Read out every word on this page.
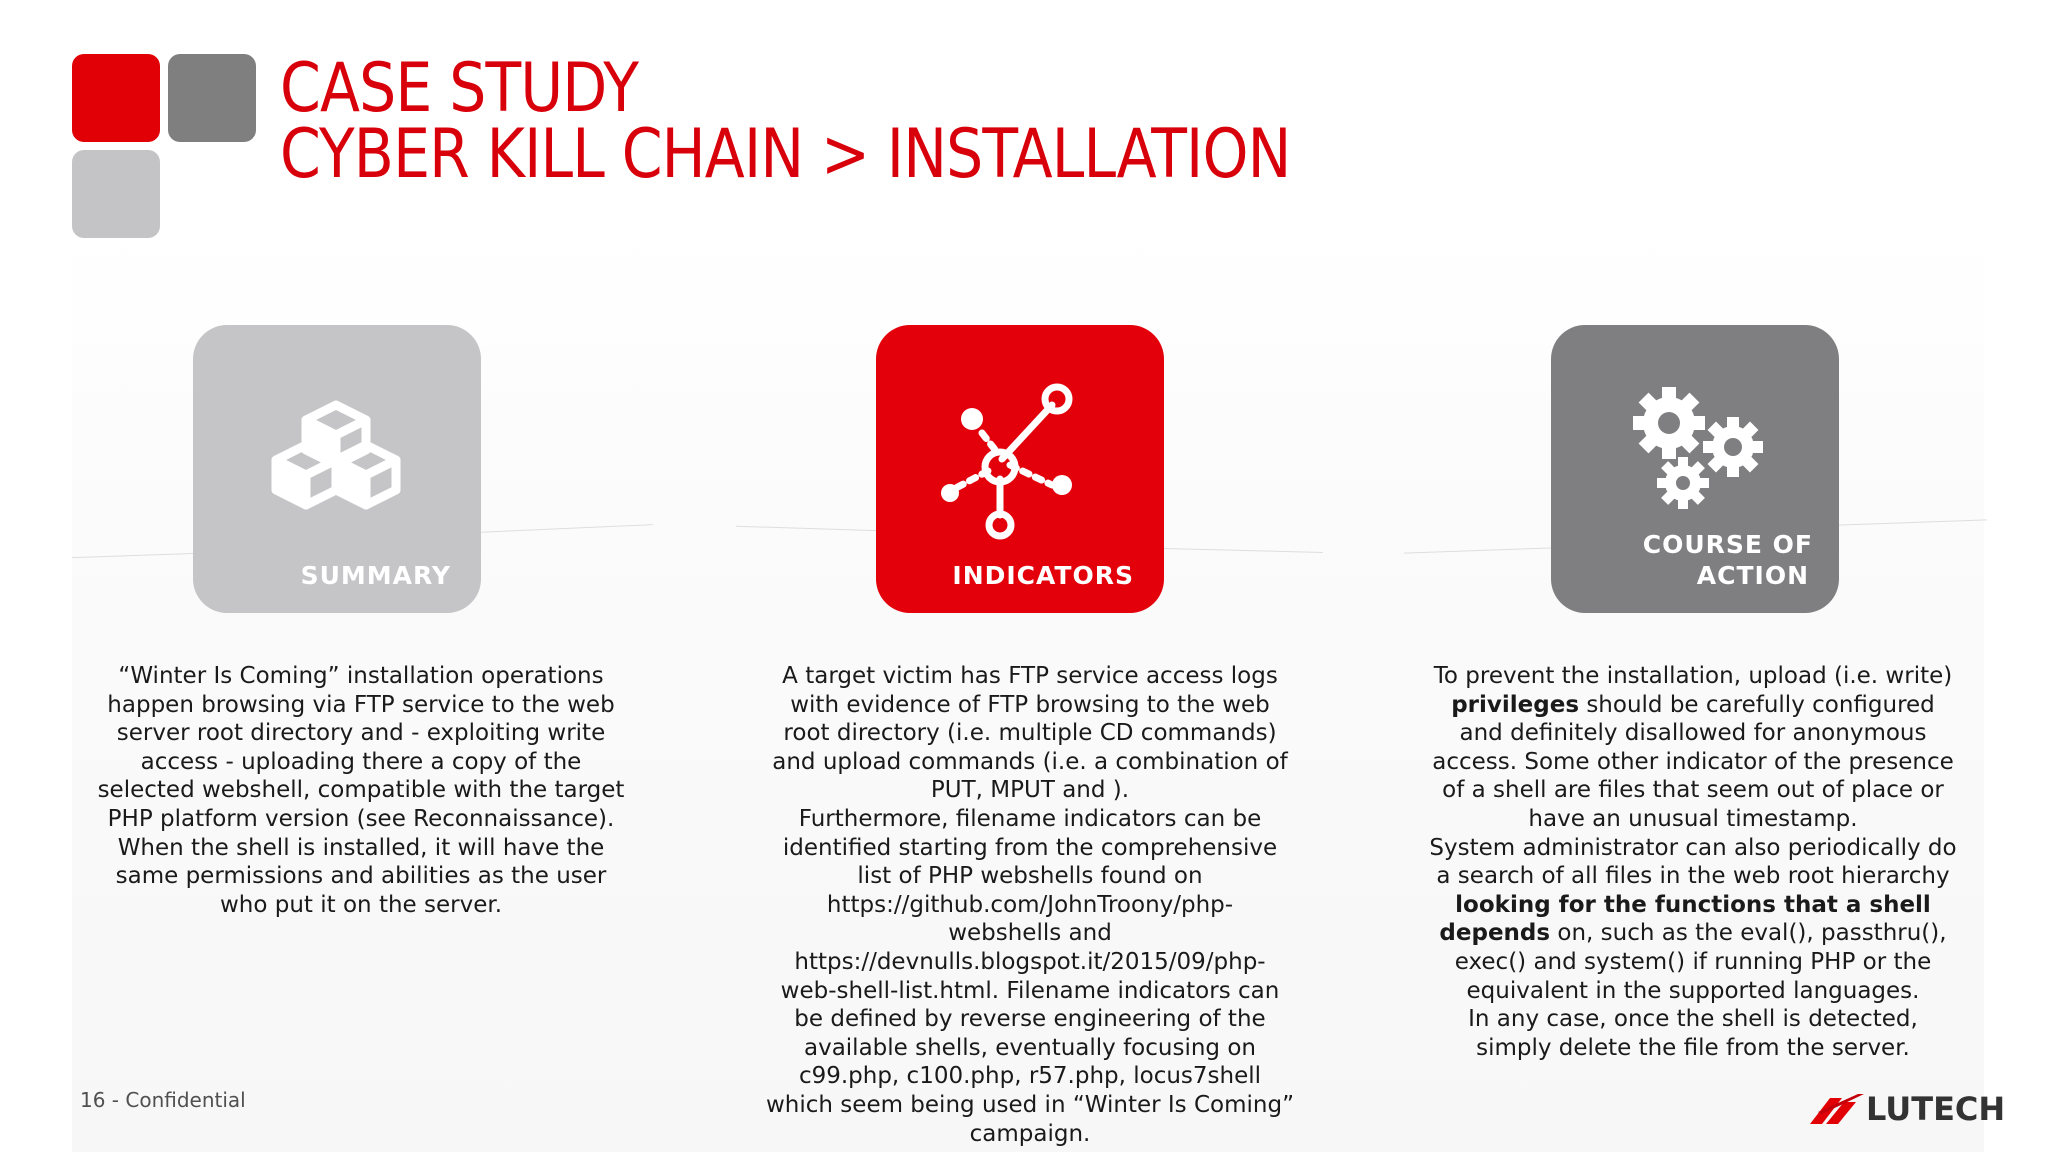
CASE STUDY
CYBER KILL CHAIN > INSTALLATION
SUMMARY	INDICATORS
COURSE OF
ACTION

“Winter Is Coming” installation operations

happen browsing via FTP service to the web

server root directory and - exploiting write

access - uploading there a copy of the

selected webshell, compatible with the target

PHP platform version (see Reconnaissance).

When the shell is installed, it will have the

same permissions and abilities as the user

who put it on the server.

A target victim has FTP service access logs

with evidence of FTP browsing to the web

root directory (i.e. multiple CD commands)

and upload commands (i.e. a combination of

PUT, MPUT and ).

Furthermore, filename indicators can be

identified starting from the comprehensive

list of PHP webshells found on

https://github.com/JohnTroony/php-

webshells and

https://devnulls.blogspot.it/2015/09/php-

web-shell-list.html. Filename indicators can

be defined by reverse engineering of the

available shells, eventually focusing on

c99.php, c100.php, r57.php, locus7shell

which seem being used in “Winter Is Coming”

campaign.

To prevent the installation, upload (i.e. write)

privileges should be carefully configured

and definitely disallowed for anonymous

access. Some other indicator of the presence

of a shell are files that seem out of place or

have an unusual timestamp.

System administrator can also periodically do

a search of all files in the web root hierarchy

looking for the functions that a shell

depends on, such as the eval(), passthru(),

exec() and system() if running PHP or the

equivalent in the supported languages.

In any case, once the shell is detected,

simply delete the file from the server.

16 - Confidential	LUTECH
